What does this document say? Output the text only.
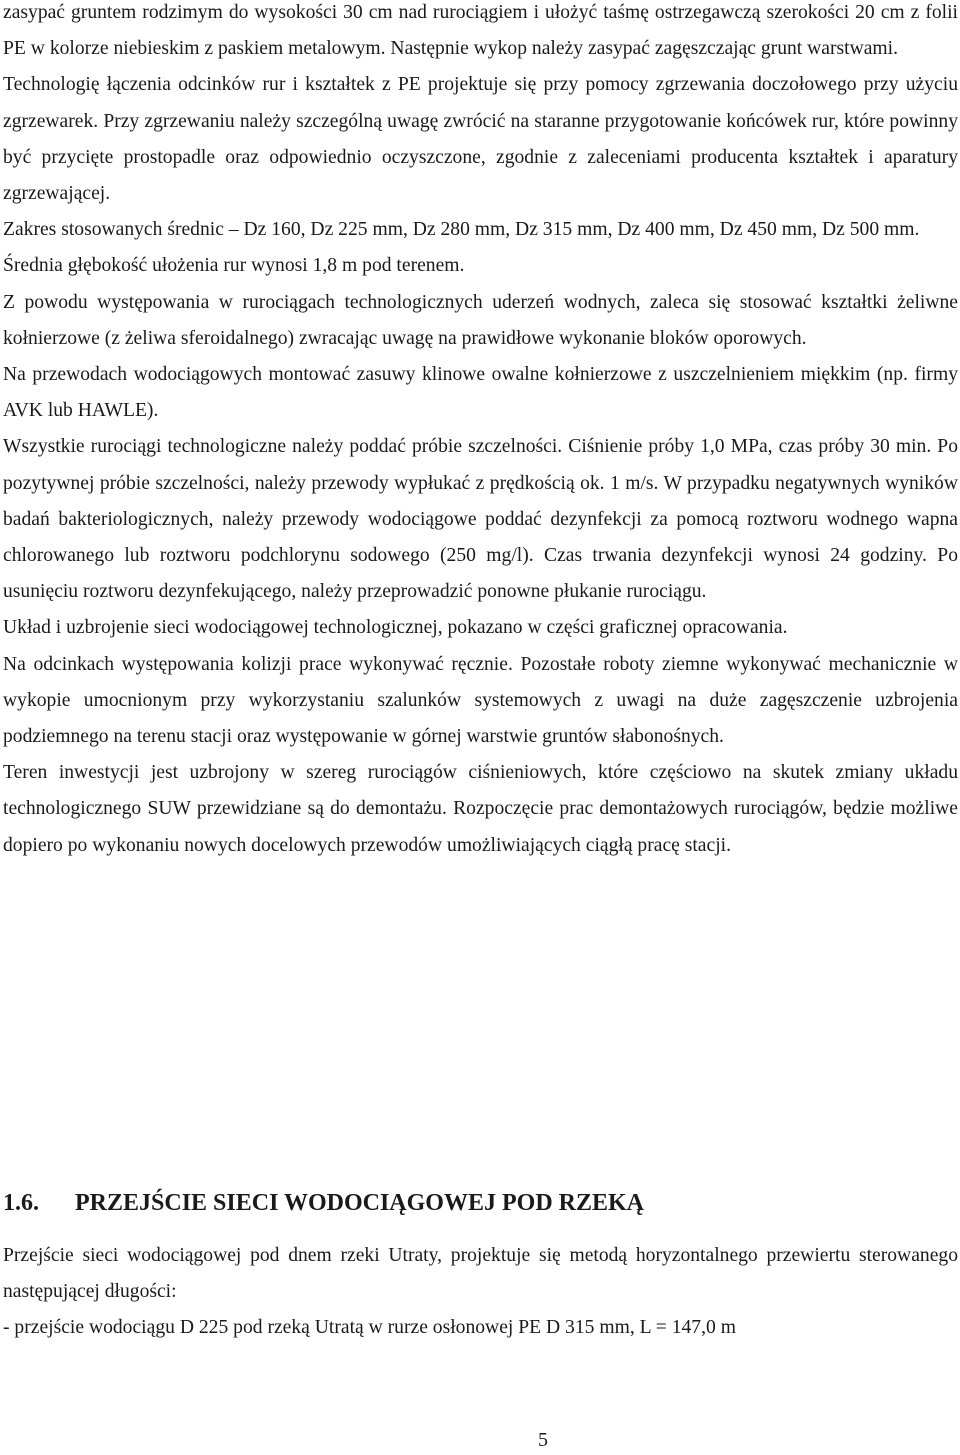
zasypać gruntem rodzimym do wysokości 30 cm nad rurociągiem i ułożyć taśmę ostrzegawczą szerokości 20 cm z folii PE w kolorze niebieskim z paskiem metalowym. Następnie wykop należy zasypać zagęszczając grunt warstwami.

Technologię łączenia odcinków rur i kształtek z PE projektuje się przy pomocy zgrzewania doczołowego przy użyciu zgrzewarek. Przy zgrzewaniu należy szczególną uwagę zwrócić na staranne przygotowanie końcówek rur, które powinny być przycięte prostopadle oraz odpowiednio oczyszczone, zgodnie z zaleceniami producenta kształtek i aparatury zgrzewającej.

Zakres stosowanych średnic – Dz 160, Dz 225 mm, Dz 280 mm, Dz 315 mm, Dz 400 mm, Dz 450 mm, Dz 500 mm.

Średnia głębokość ułożenia rur wynosi 1,8 m pod terenem.

Z powodu występowania w rurociągach technologicznych uderzeń wodnych, zaleca się stosować kształtki żeliwne kołnierzowe (z żeliwa sferoidalnego) zwracając uwagę na prawidłowe wykonanie bloków oporowych.

Na przewodach wodociągowych montować zasuwy klinowe owalne kołnierzowe z uszczelnieniem miękkim (np. firmy AVK lub HAWLE).

Wszystkie rurociągi technologiczne należy poddać próbie szczelności. Ciśnienie próby 1,0 MPa, czas próby 30 min. Po pozytywnej próbie szczelności, należy przewody wypłukać z prędkością ok. 1 m/s. W przypadku negatywnych wyników badań bakteriologicznych, należy przewody wodociągowe poddać dezynfekcji za pomocą roztworu wodnego wapna chlorowanego lub roztworu podchlorynu sodowego (250 mg/l). Czas trwania dezynfekcji wynosi 24 godziny. Po usunięciu roztworu dezynfekującego, należy przeprowadzić ponowne płukanie rurociągu.

Układ i uzbrojenie sieci wodociągowej technologicznej, pokazano w części graficznej opracowania.

Na odcinkach występowania kolizji prace wykonywać ręcznie. Pozostałe roboty ziemne wykonywać mechanicznie w wykopie umocnionym przy wykorzystaniu szalunków systemowych z uwagi na duże zagęszczenie uzbrojenia podziemnego na terenu stacji oraz występowanie w górnej warstwie gruntów słabonośnych.

Teren inwestycji jest uzbrojony w szereg rurociągów ciśnieniowych, które częściowo na skutek zmiany układu technologicznego SUW przewidziane są do demontażu. Rozpoczęcie prac demontażowych rurociągów, będzie możliwe dopiero po wykonaniu nowych docelowych przewodów umożliwiających ciągłą pracę stacji.

1.6. PRZEJŚCIE SIECI WODOCIĄGOWEJ POD RZEKĄ

Przejście sieci wodociągowej pod dnem rzeki Utraty, projektuje się metodą horyzontalnego przewiertu sterowanego następującej długości:

- przejście wodociągu D 225 pod rzeką Utratą w rurze osłonowej PE D 315 mm, L = 147,0 m

5
